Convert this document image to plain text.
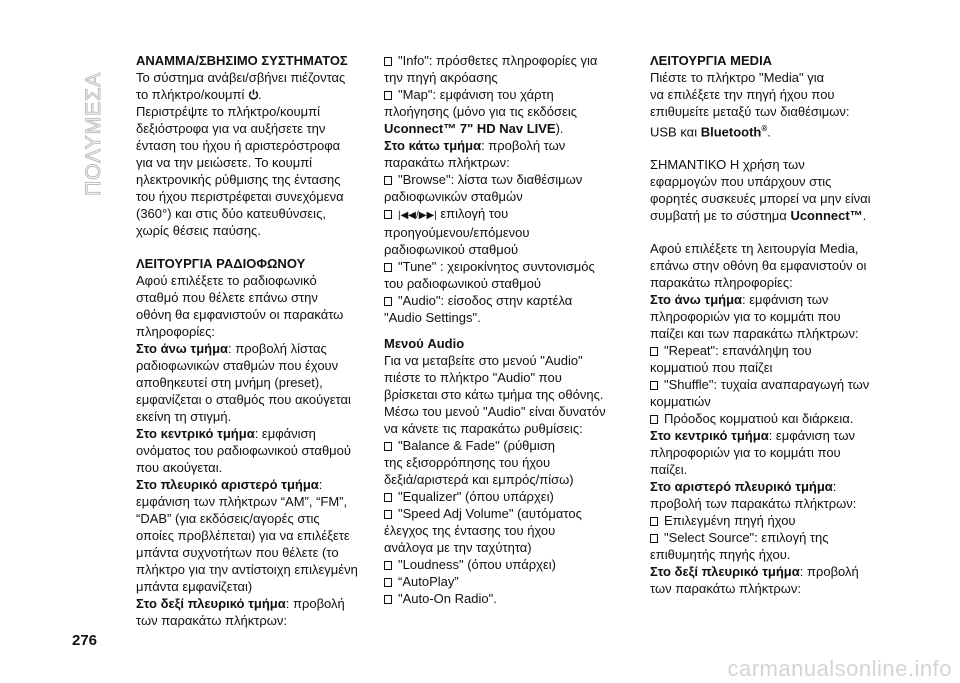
ΠΟΛΥΜΕΣΑ

ΑΝΑΜΜΑ/ΣΒΗΣΙΜΟ ΣΥΣΤΗΜΑΤΟΣ

Το σύστημα ανάβει/σβήνει πιέζοντας

το πλήκτρο/κουμπί .

Περιστρέψτε το πλήκτρο/κουμπί

δεξιόστροφα για να αυξήσετε την

ένταση του ήχου ή αριστερόστροφα

για να την μειώσετε. Το κουμπί

ηλεκτρονικής ρύθμισης της έντασης

του ήχου περιστρέφεται συνεχόμενα

(360°) και στις δύο κατευθύνσεις,

χωρίς θέσεις παύσης.

ΛΕΙΤΟΥΡΓΙΑ ΡΑΔΙΟΦΩΝΟΥ

Αφού επιλέξετε το ραδιοφωνικό

σταθμό που θέλετε επάνω στην

οθόνη θα εμφανιστούν οι παρακάτω

πληροφορίες:

Στο άνω τμήμα: προβολή λίστας

ραδιοφωνικών σταθμών που έχουν

αποθηκευτεί στη μνήμη (preset),

εμφανίζεται ο σταθμός που ακούγεται

εκείνη τη στιγμή.

Στο κεντρικό τμήμα: εμφάνιση

ονόματος του ραδιοφωνικού σταθμού

που ακούγεται.

Στο πλευρικό αριστερό τμήμα:

εμφάνιση των πλήκτρων “AM”, “FM”,

“DAB” (για εκδόσεις/αγορές στις

οποίες προβλέπεται) για να επιλέξετε

μπάντα συχνοτήτων που θέλετε (το

πλήκτρο για την αντίστοιχη επιλεγμένη

μπάντα εμφανίζεται)

Στο δεξί πλευρικό τμήμα: προβολή

των παρακάτω πλήκτρων:

"Info": πρόσθετες πληροφορίες για

την πηγή ακρόασης

"Map": εμφάνιση του χάρτη

πλοήγησης (μόνο για τις εκδόσεις

Uconnect™ 7" HD Nav LIVE).

Στο κάτω τμήμα: προβολή των

παρακάτω πλήκτρων:

"Browse": λίστα των διαθέσιμων

ραδιοφωνικών σταθμών

|◀◀/▶▶| επιλογή του

προηγούμενου/επόμενου

ραδιοφωνικού σταθμού

"Tune" : χειροκίνητος συντονισμός

του ραδιοφωνικού σταθμού

"Audio": είσοδος στην καρτέλα

"Audio Settings".

Μενού Audio

Για να μεταβείτε στο μενού "Audio"

πιέστε το πλήκτρο "Audio" που

βρίσκεται στο κάτω τμήμα της οθόνης.

Μέσω του μενού "Audio" είναι δυνατόν

να κάνετε τις παρακάτω ρυθμίσεις:

"Balance & Fade" (ρύθμιση

της εξισορρόπησης του ήχου

δεξιά/αριστερά και εμπρός/πίσω)

"Equalizer" (όπου υπάρχει)

"Speed Adj Volume" (αυτόματος

έλεγχος της έντασης του ήχου

ανάλογα με την ταχύτητα)

"Loudness" (όπου υπάρχει)

“AutoPlay”

"Auto-On Radio".

ΛΕΙΤΟΥΡΓΙΑ MEDIA

Πιέστε το πλήκτρο "Media" για

να επιλέξετε την πηγή ήχου που

επιθυμείτε μεταξύ των διαθέσιμων:

USB και Bluetooth®.

ΣΗΜΑΝΤΙΚΟ Η χρήση των

εφαρμογών που υπάρχουν στις

φορητές συσκευές μπορεί να μην είναι

συμβατή με το σύστημα Uconnect™.

Αφού επιλέξετε τη λειτουργία Media,

επάνω στην οθόνη θα εμφανιστούν οι

παρακάτω πληροφορίες:

Στο άνω τμήμα: εμφάνιση των

πληροφοριών για το κομμάτι που

παίζει και των παρακάτω πλήκτρων:

"Repeat": επανάληψη του

κομματιού που παίζει

"Shuffle": τυχαία αναπαραγωγή των

κομματιών

Πρόοδος κομματιού και διάρκεια.

Στο κεντρικό τμήμα: εμφάνιση των

πληροφοριών για το κομμάτι που

παίζει.

Στο αριστερό πλευρικό τμήμα:

προβολή των παρακάτω πλήκτρων:

Επιλεγμένη πηγή ήχου

"Select Source": επιλογή της

επιθυμητής πηγής ήχου.

Στο δεξί πλευρικό τμήμα: προβολή

των παρακάτω πλήκτρων:

276
carmanualsonline.info
